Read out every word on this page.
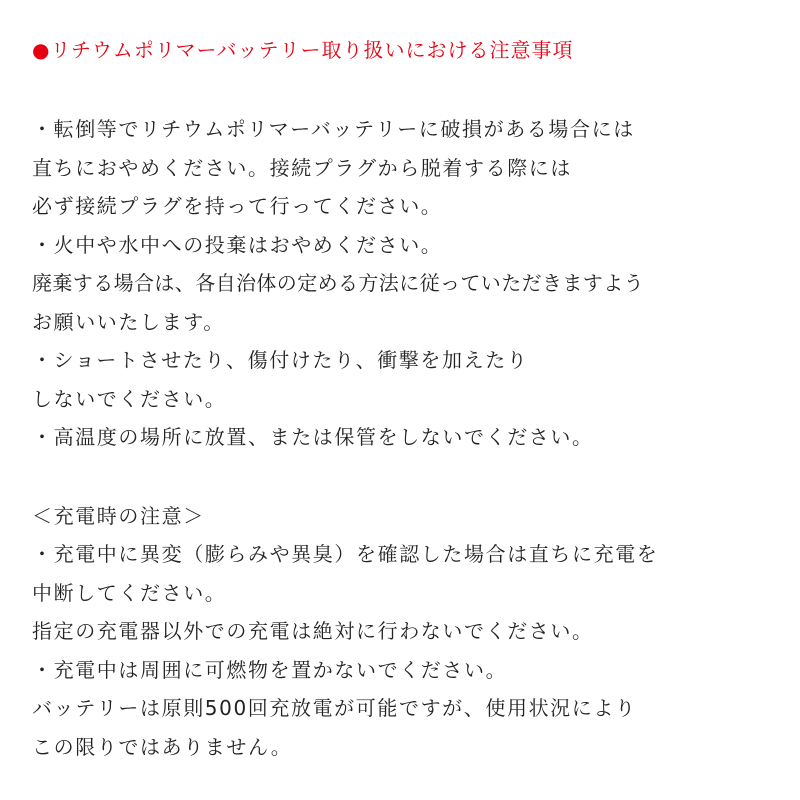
●リチウムポリマーバッテリー取り扱いにおける注意事項
・転倒等でリチウムポリマーバッテリーに破損がある場合には
直ちにおやめください。接続プラグから脱着する際には
必ず接続プラグを持って行ってください。
・火中や水中への投棄はおやめください。
廃棄する場合は、各自治体の定める方法に従っていただきますよう
お願いいたします。
・ショートさせたり、傷付けたり、衝撃を加えたり
しないでください。
・高温度の場所に放置、または保管をしないでください。
＜充電時の注意＞
・充電中に異変（膨らみや異臭）を確認した場合は直ちに充電を
中断してください。
指定の充電器以外での充電は絶対に行わないでください。
・充電中は周囲に可燃物を置かないでください。
バッテリーは原則500回充放電が可能ですが、使用状況により
この限りではありません。
